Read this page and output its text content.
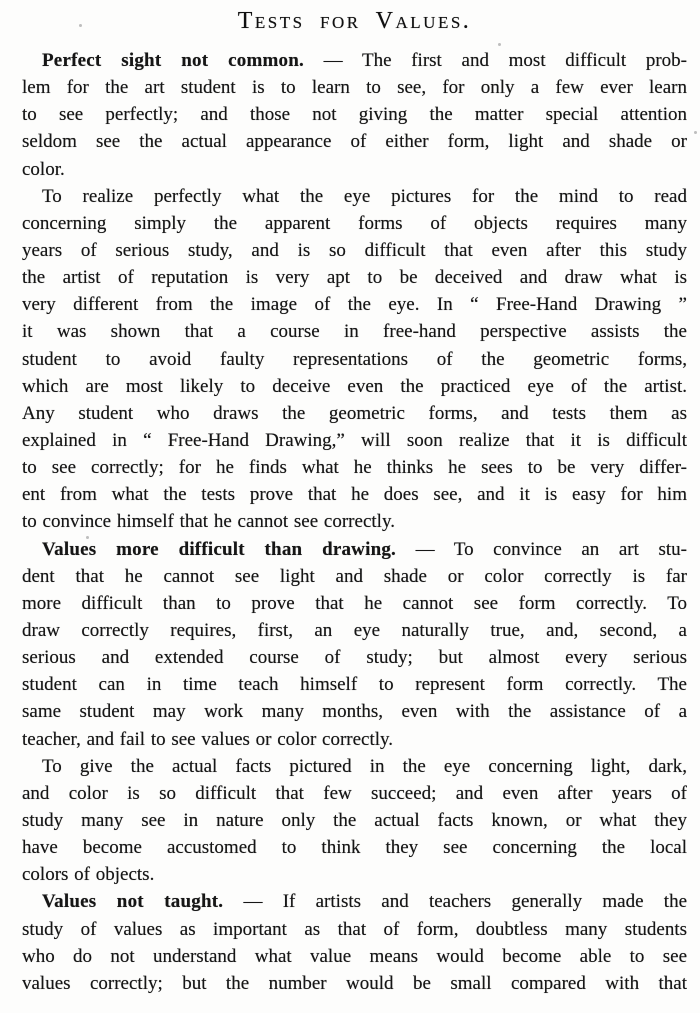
Tests for Values.
Perfect sight not common. — The first and most difficult prob-
lem for the art student is to learn to see, for only a few ever learn
to see perfectly; and those not giving the matter special attention
seldom see the actual appearance of either form, light and shade or
color.
To realize perfectly what the eye pictures for the mind to read
concerning simply the apparent forms of objects requires many
years of serious study, and is so difficult that even after this study
the artist of reputation is very apt to be deceived and draw what is
very different from the image of the eye. In “ Free-Hand Drawing ”
it was shown that a course in free-hand perspective assists the
student to avoid faulty representations of the geometric forms,
which are most likely to deceive even the practiced eye of the artist.
Any student who draws the geometric forms, and tests them as
explained in “ Free-Hand Drawing,” will soon realize that it is difficult
to see correctly; for he finds what he thinks he sees to be very differ-
ent from what the tests prove that he does see, and it is easy for him
to convince himself that he cannot see correctly.
Values more difficult than drawing. — To convince an art stu-
dent that he cannot see light and shade or color correctly is far
more difficult than to prove that he cannot see form correctly. To
draw correctly requires, first, an eye naturally true, and, second, a
serious and extended course of study; but almost every serious
student can in time teach himself to represent form correctly. The
same student may work many months, even with the assistance of a
teacher, and fail to see values or color correctly.
To give the actual facts pictured in the eye concerning light, dark,
and color is so difficult that few succeed; and even after years of
study many see in nature only the actual facts known, or what they
have become accustomed to think they see concerning the local
colors of objects.
Values not taught. — If artists and teachers generally made the
study of values as important as that of form, doubtless many students
who do not understand what value means would become able to see
values correctly; but the number would be small compared with that
